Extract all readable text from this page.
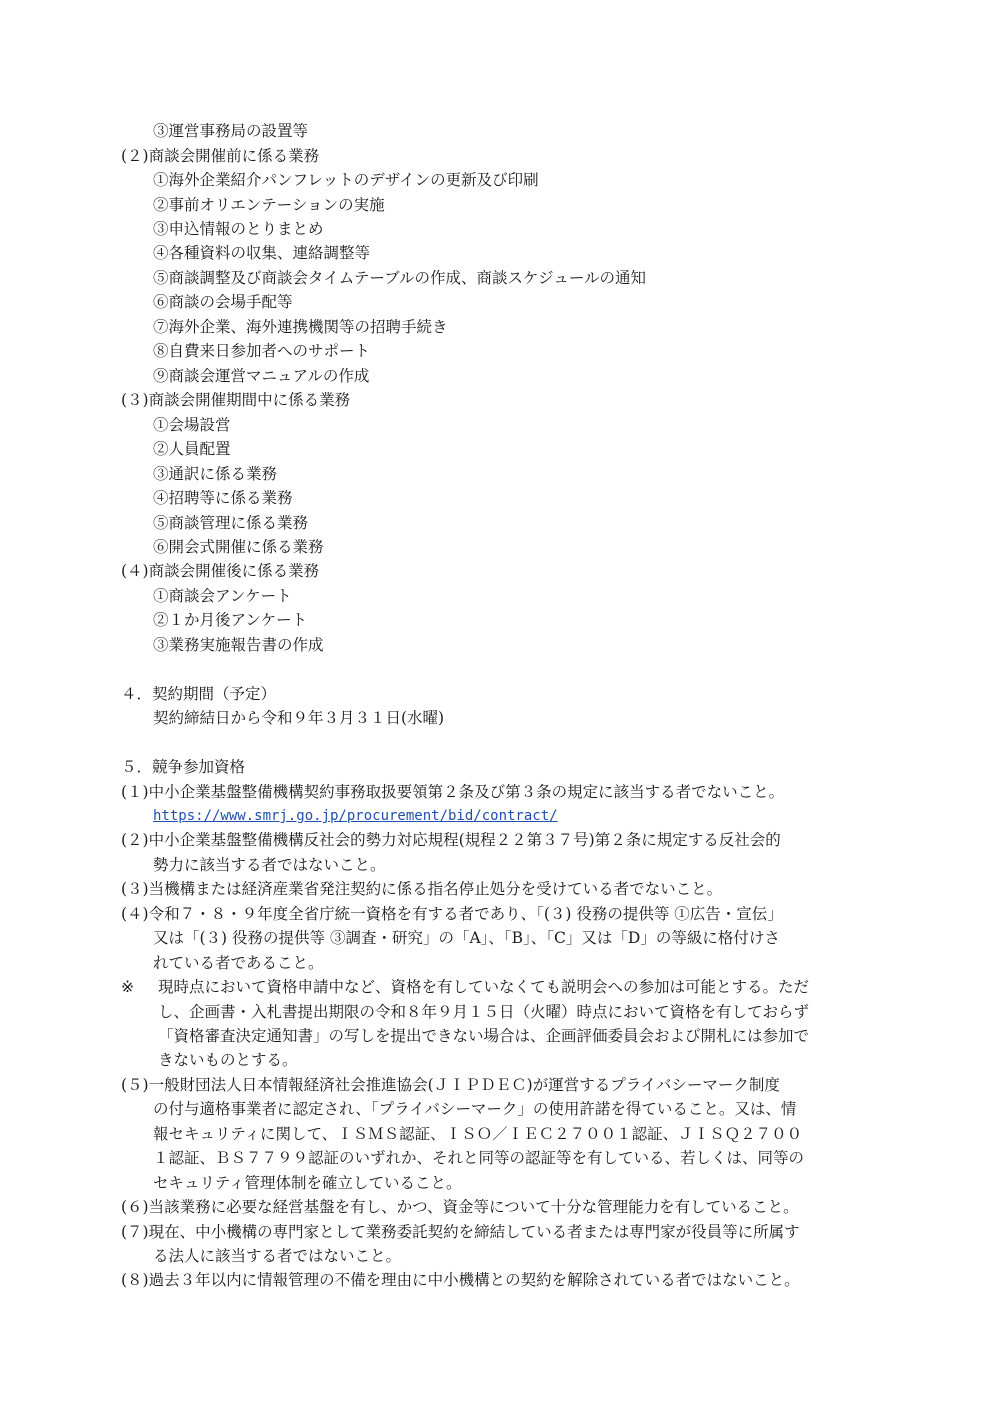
③運営事務局の設置等
(２)商談会開催前に係る業務
①海外企業紹介パンフレットのデザインの更新及び印刷
②事前オリエンテーションの実施
③申込情報のとりまとめ
④各種資料の収集、連絡調整等
⑤商談調整及び商談会タイムテーブルの作成、商談スケジュールの通知
⑥商談の会場手配等
⑦海外企業、海外連携機関等の招聘手続き
⑧自費来日参加者へのサポート
⑨商談会運営マニュアルの作成
(３)商談会開催期間中に係る業務
①会場設営
②人員配置
③通訳に係る業務
④招聘等に係る業務
⑤商談管理に係る業務
⑥開会式開催に係る業務
(４)商談会開催後に係る業務
①商談会アンケート
②１か月後アンケート
③業務実施報告書の作成
４．契約期間（予定）
契約締結日から令和９年３月３１日(水曜)
５．競争参加資格
(１)中小企業基盤整備機構契約事務取扱要領第２条及び第３条の規定に該当する者でないこと。
https://www.smrj.go.jp/procurement/bid/contract/
(２)中小企業基盤整備機構反社会的勢力対応規程(規程２２第３７号)第２条に規定する反社会的
勢力に該当する者ではないこと。
(３)当機構または経済産業省発注契約に係る指名停止処分を受けている者でないこと。
(４)令和７・８・９年度全省庁統一資格を有する者であり、「(３) 役務の提供等 ①広告・宣伝」
又は「(３) 役務の提供等 ③調査・研究」の「A」、「B」、「C」又は「D」の等級に格付けさ
れている者であること。
※ 現時点において資格申請中など、資格を有していなくても説明会への参加は可能とする。ただ
し、企画書・入札書提出期限の令和８年９月１５日（火曜）時点において資格を有しておらず
「資格審査決定通知書」の写しを提出できない場合は、企画評価委員会および開札には参加で
きないものとする。
(５)一般財団法人日本情報経済社会推進協会(ＪＩＰＤＥＣ)が運営するプライバシーマーク制度
の付与適格事業者に認定され、「プライバシーマーク」の使用許諾を得ていること。又は、情
報セキュリティに関して、ＩＳＭＳ認証、ＩＳＯ／ＩＥＣ２７００１認証、ＪＩＳＱ２７００
１認証、ＢＳ７７９９認証のいずれか、それと同等の認証等を有している、若しくは、同等の
セキュリティ管理体制を確立していること。
(６)当該業務に必要な経営基盤を有し、かつ、資金等について十分な管理能力を有していること。
(７)現在、中小機構の専門家として業務委託契約を締結している者または専門家が役員等に所属す
る法人に該当する者ではないこと。
(８)過去３年以内に情報管理の不備を理由に中小機構との契約を解除されている者ではないこと。
